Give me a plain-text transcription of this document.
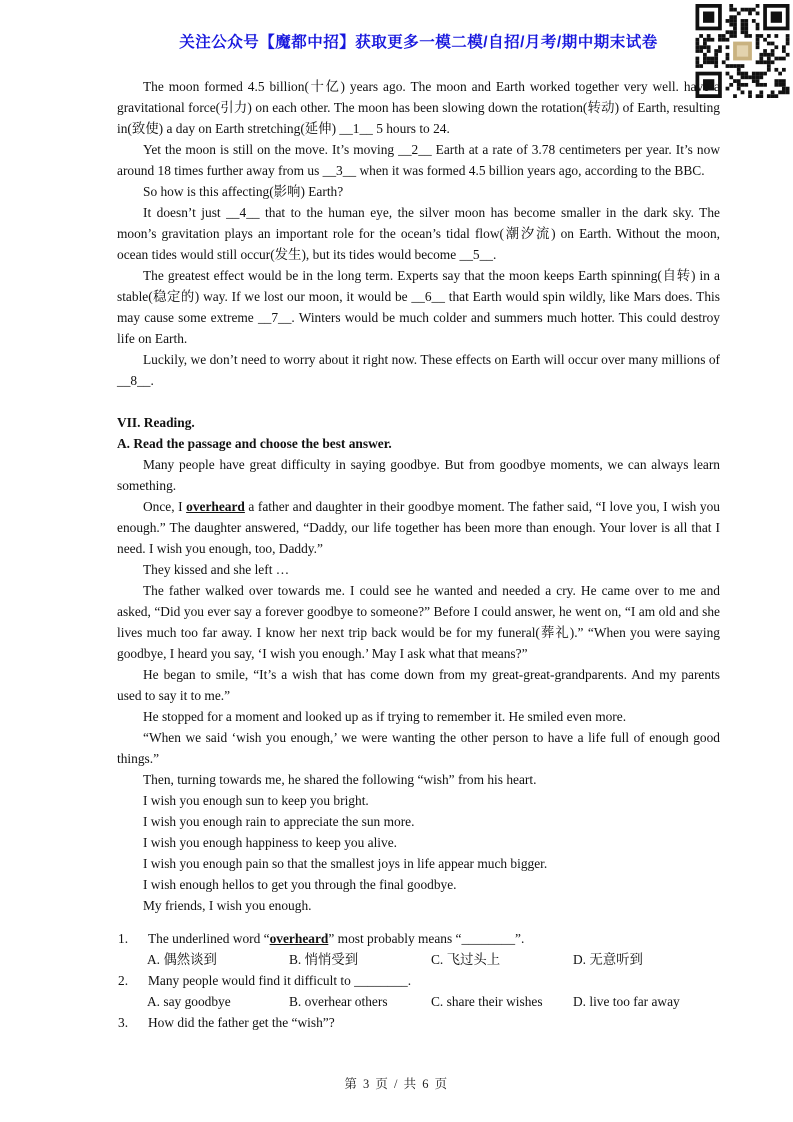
关注公众号【魔都中招】获取更多一模二模/自招/月考/期中期末试卷

The moon formed 4.5 billion(十亿) years ago. The moon and Earth worked together very well. have a gravitational force(引力) on each other. The moon has been slowing down the rotation(转动) of Earth, resulting in(致使) a day on Earth stretching(延伸) __1__ 5 hours to 24.

Yet the moon is still on the move. It’s moving __2__ Earth at a rate of 3.78 centimeters per year. It’s now around 18 times further away from us __3__ when it was formed 4.5 billion years ago, according to the BBC.

So how is this affecting(影响) Earth?

It doesn’t just __4__ that to the human eye, the silver moon has become smaller in the dark sky. The moon’s gravitation plays an important role for the ocean’s tidal flow(潮汐流) on Earth. Without the moon, ocean tides would still occur(发生), but its tides would become __5__.

The greatest effect would be in the long term. Experts say that the moon keeps Earth spinning(自转) in a stable(稳定的) way. If we lost our moon, it would be __6__ that Earth would spin wildly, like Mars does. This may cause some extreme __7__. Winters would be much colder and summers much hotter. This could destroy life on Earth.

Luckily, we don’t need to worry about it right now. These effects on Earth will occur over many millions of __8__.

VII. Reading.

A. Read the passage and choose the best answer.

Many people have great difficulty in saying goodbye. But from goodbye moments, we can always learn something.

Once, I overheard a father and daughter in their goodbye moment. The father said, “I love you, I wish you enough.” The daughter answered, “Daddy, our life together has been more than enough. Your lover is all that I need. I wish you enough, too, Daddy.”

They kissed and she left …

The father walked over towards me. I could see he wanted and needed a cry. He came over to me and asked, “Did you ever say a forever goodbye to someone?” Before I could answer, he went on, “I am old and she lives much too far away. I know her next trip back would be for my funeral(葬礼).” “When you were saying goodbye, I heard you say, ‘I wish you enough.’ May I ask what that means?”

He began to smile, “It’s a wish that has come down from my great-great-grandparents. And my parents used to say it to me.”

He stopped for a moment and looked up as if trying to remember it. He smiled even more.

“When we said ‘wish you enough,’ we were wanting the other person to have a life full of enough good things.”

Then, turning towards me, he shared the following “wish” from his heart.

I wish you enough sun to keep you bright.

I wish you enough rain to appreciate the sun more.

I wish you enough happiness to keep you alive.

I wish you enough pain so that the smallest joys in life appear much bigger.

I wish enough hellos to get you through the final goodbye.

My friends, I wish you enough.

1.	The underlined word “overheard” most probably means “________”.
A. 偶然谈到	B. 悄悄受到	C. 飞过头上	D. 无意听到
2.	Many people would find it difficult to ________.
A. say goodbye	B. overhear others	C. share their wishes	D. live too far away
3.	How did the father get the “wish”?
第 3 页 / 共 6 页
